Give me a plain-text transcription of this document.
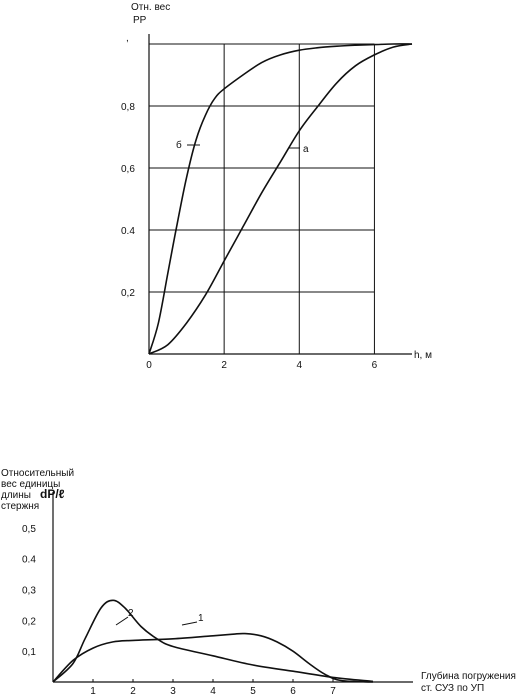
0	2	4	6
0,2
0.4
0,6
0,8
Отн. вес
PP
,
h, м
б	а
1	2	3	4	5	6	7
0,1
0,2
0,3
0.4
0,5
Относительный
вес единицы
длины
стержня
dP/ℓ
Глубина погружения
ст. СУЗ по УП
1
2
